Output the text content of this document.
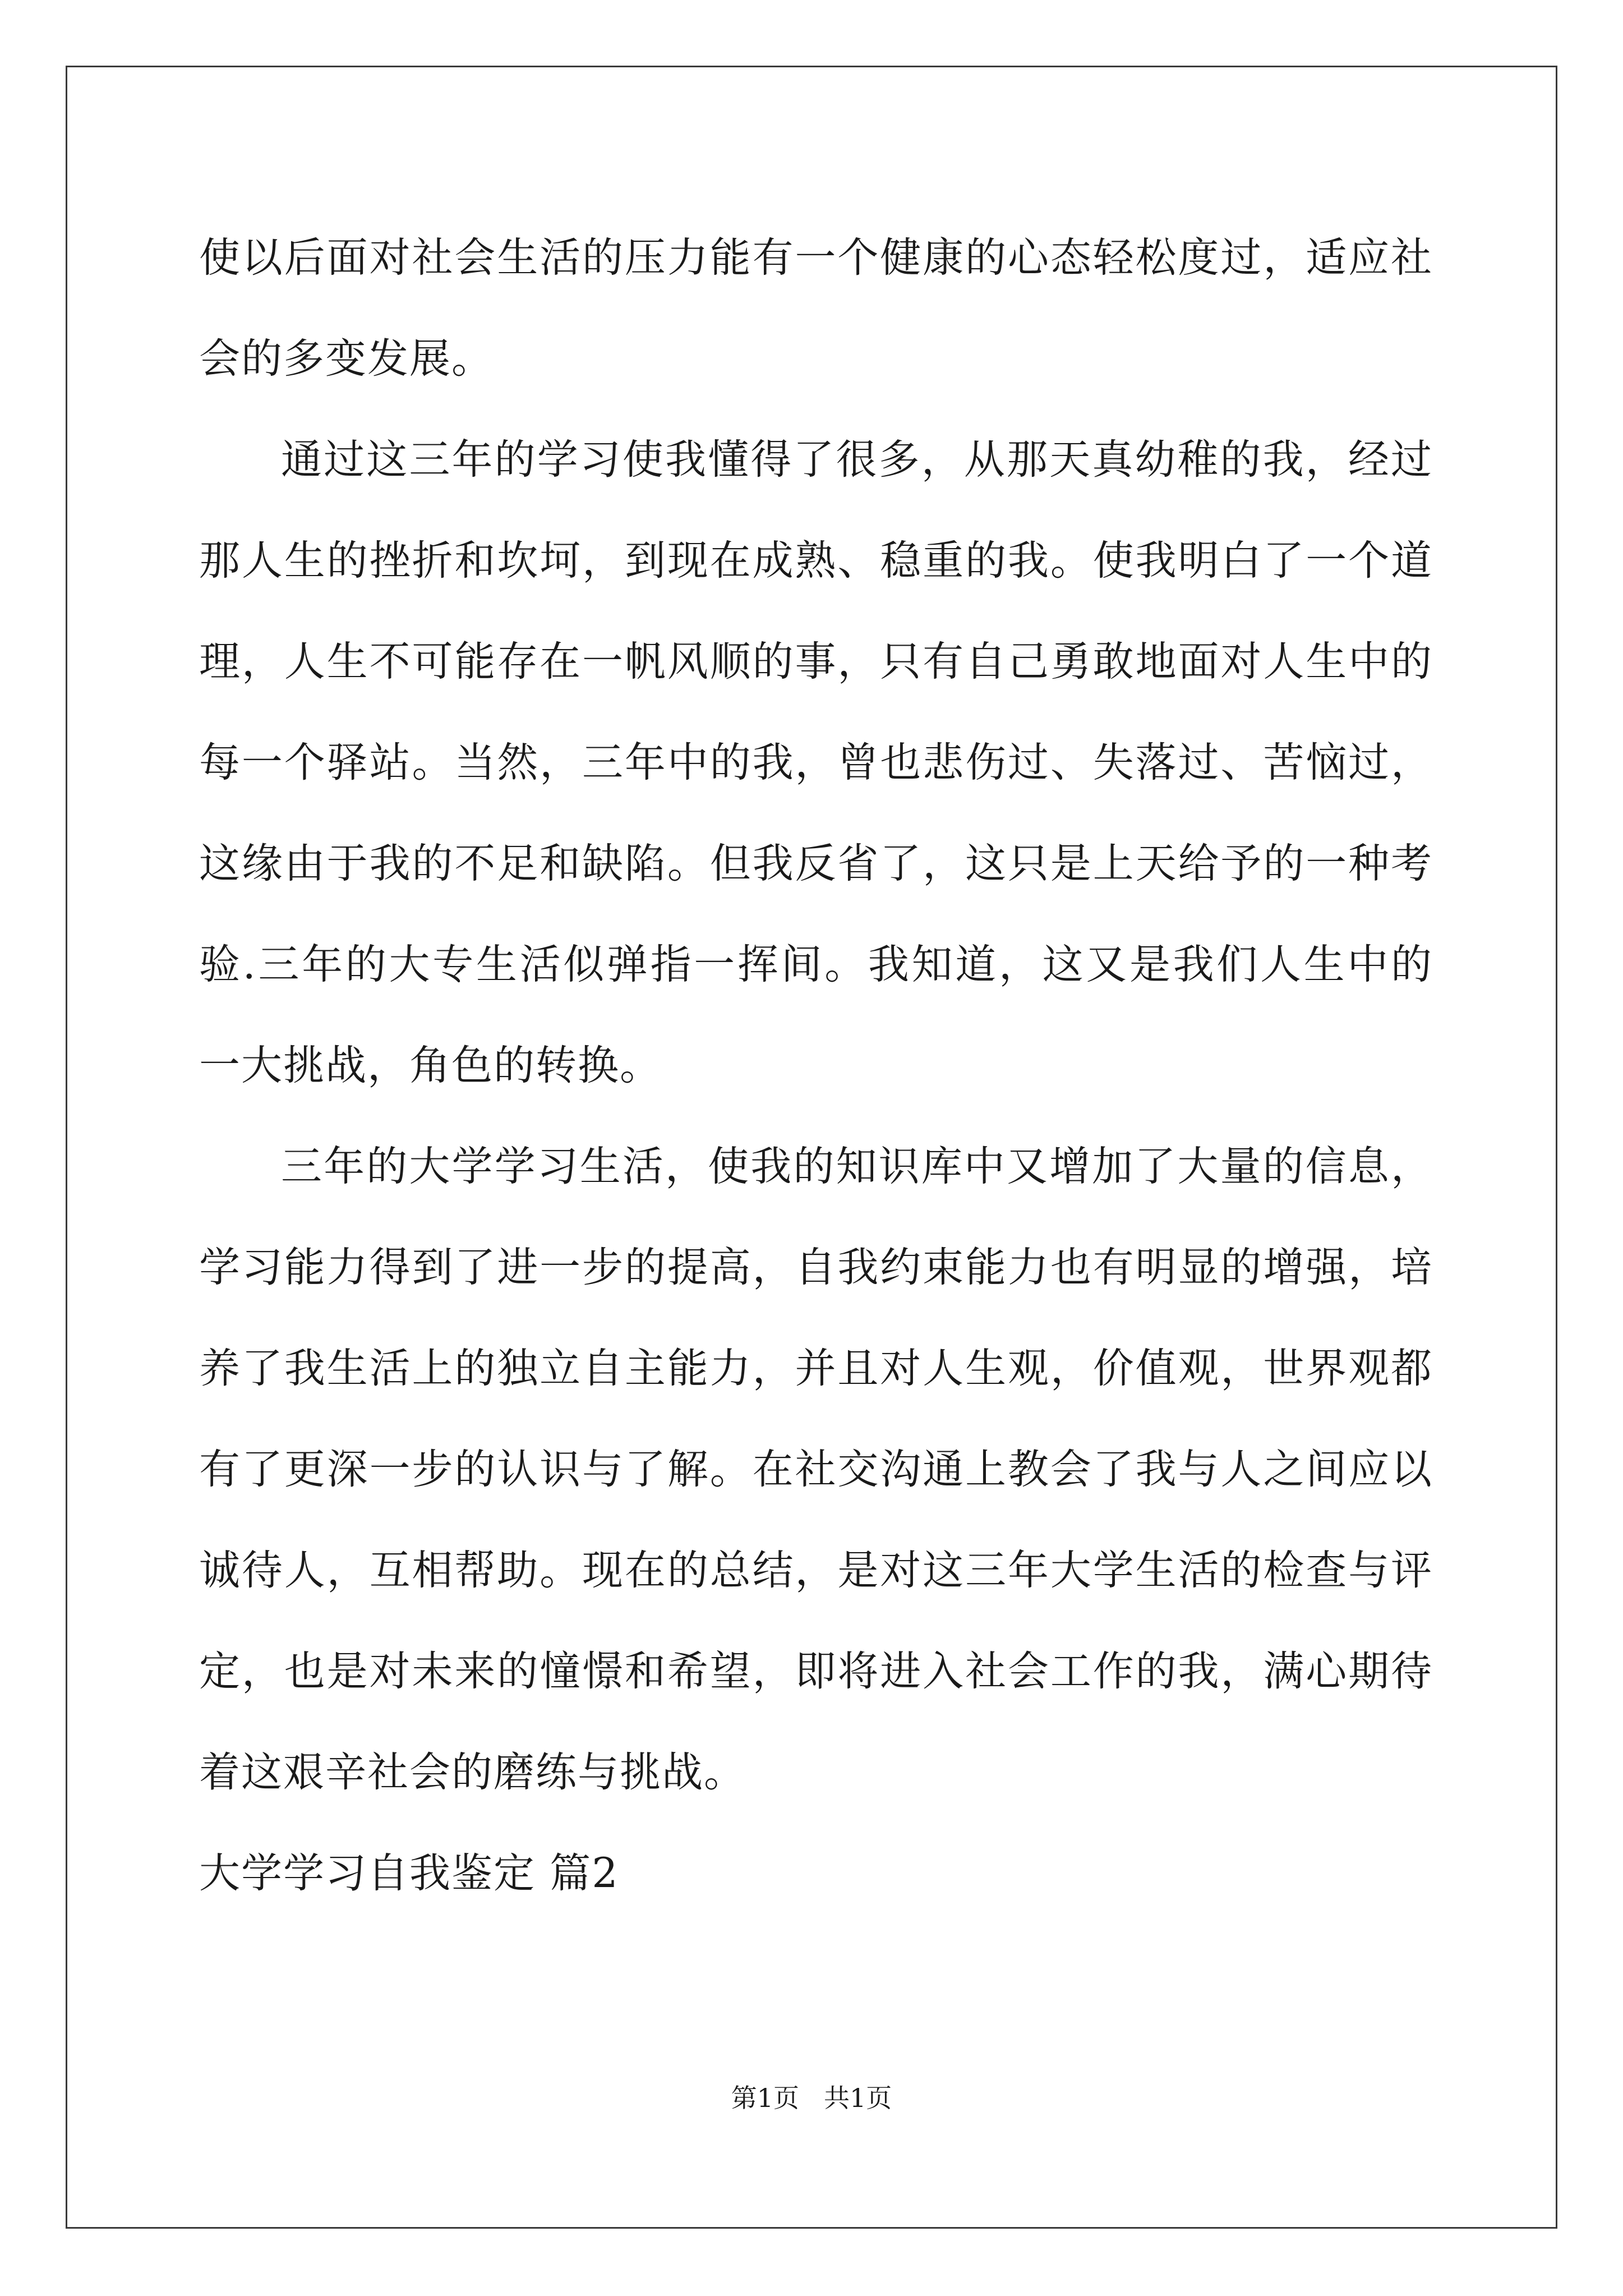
使以后面对社会生活的压力能有一个健康的心态轻松度过，适应社会的多变发展。

通过这三年的学习使我懂得了很多，从那天真幼稚的我，经过那人生的挫折和坎坷，到现在成熟、稳重的我。使我明白了一个道理，人生不可能存在一帆风顺的事，只有自己勇敢地面对人生中的每一个驿站。当然，三年中的我，曾也悲伤过、失落过、苦恼过，这缘由于我的不足和缺陷。但我反省了，这只是上天给予的一种考验.三年的大专生活似弹指一挥间。我知道，这又是我们人生中的一大挑战，角色的转换。

三年的大学学习生活，使我的知识库中又增加了大量的信息，学习能力得到了进一步的提高，自我约束能力也有明显的增强，培养了我生活上的独立自主能力，并且对人生观，价值观，世界观都有了更深一步的认识与了解。在社交沟通上教会了我与人之间应以诚待人，互相帮助。现在的总结，是对这三年大学生活的检查与评定，也是对未来的憧憬和希望，即将进入社会工作的我，满心期待着这艰辛社会的磨练与挑战。

大学学习自我鉴定 篇2

第1页 共1页
